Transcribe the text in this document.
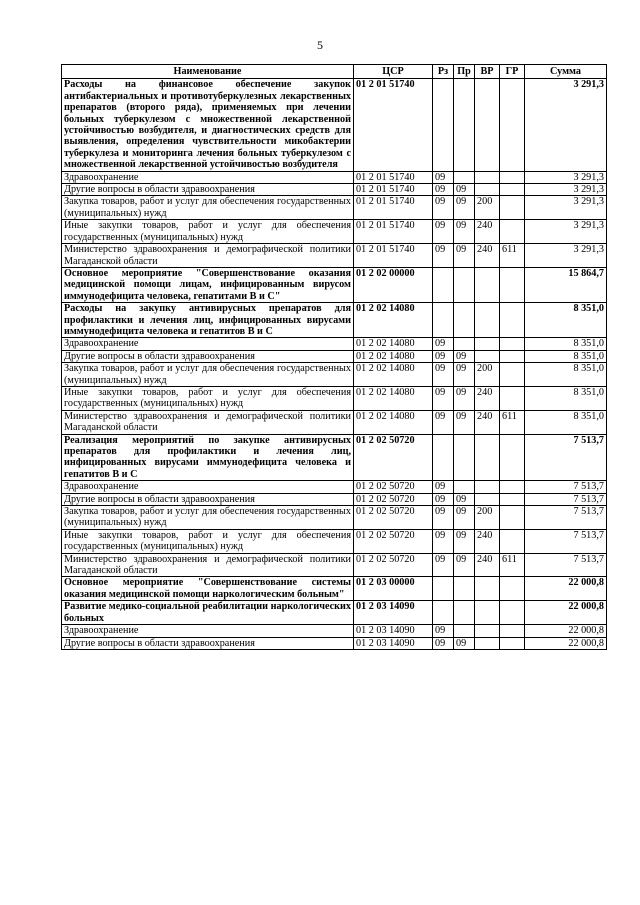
5
Наименование	ЦСР	Рз	Пр	ВР	ГР	Сумма
Расходы на финансовое обеспечение закупок антибактериальных и противотуберкулезных лекарственных препаратов (второго ряда), применяемых при лечении больных туберкулезом с множественной лекарственной устойчивостью возбудителя, и диагностических средств для выявления, определения чувствительности микобактерии туберкулеза и мониторинга лечения больных туберкулезом с множественной лекарственной устойчивостью возбудителя	01 2 01 51740					3 291,3
Здравоохранение	01 2 01 51740	09				3 291,3
Другие вопросы в области здравоохранения	01 2 01 51740	09	09			3 291,3
Закупка товаров, работ и услуг для обеспечения государственных (муниципальных) нужд	01 2 01 51740	09	09	200		3 291,3
Иные закупки товаров, работ и услуг для обеспечения государственных (муниципальных) нужд	01 2 01 51740	09	09	240		3 291,3
Министерство здравоохранения и демографической политики Магаданской области	01 2 01 51740	09	09	240	611	3 291,3
Основное мероприятие "Совершенствование оказания медицинской помощи лицам, инфицированным вирусом иммунодефицита человека, гепатитами В и С"	01 2 02 00000					15 864,7
Расходы на закупку антивирусных препаратов для профилактики и лечения лиц, инфицированных вирусами иммунодефицита человека и гепатитов В и С	01 2 02 14080					8 351,0
Здравоохранение	01 2 02 14080	09				8 351,0
Другие вопросы в области здравоохранения	01 2 02 14080	09	09			8 351,0
Закупка товаров, работ и услуг для обеспечения государственных (муниципальных) нужд	01 2 02 14080	09	09	200		8 351,0
Иные закупки товаров, работ и услуг для обеспечения государственных (муниципальных) нужд	01 2 02 14080	09	09	240		8 351,0
Министерство здравоохранения и демографической политики Магаданской области	01 2 02 14080	09	09	240	611	8 351,0
Реализация мероприятий по закупке антивирусных препаратов для профилактики и лечения лиц, инфицированных вирусами иммунодефицита человека и гепатитов В и С	01 2 02 50720					7 513,7
Здравоохранение	01 2 02 50720	09				7 513,7
Другие вопросы в области здравоохранения	01 2 02 50720	09	09			7 513,7
Закупка товаров, работ и услуг для обеспечения государственных (муниципальных) нужд	01 2 02 50720	09	09	200		7 513,7
Иные закупки товаров, работ и услуг для обеспечения государственных (муниципальных) нужд	01 2 02 50720	09	09	240		7 513,7
Министерство здравоохранения и демографической политики Магаданской области	01 2 02 50720	09	09	240	611	7 513,7
Основное мероприятие "Совершенствование системы оказания медицинской помощи наркологическим больным"	01 2 03 00000					22 000,8
Развитие медико-социальной реабилитации наркологических больных	01 2 03 14090					22 000,8
Здравоохранение	01 2 03 14090	09				22 000,8
Другие вопросы в области здравоохранения	01 2 03 14090	09	09			22 000,8
